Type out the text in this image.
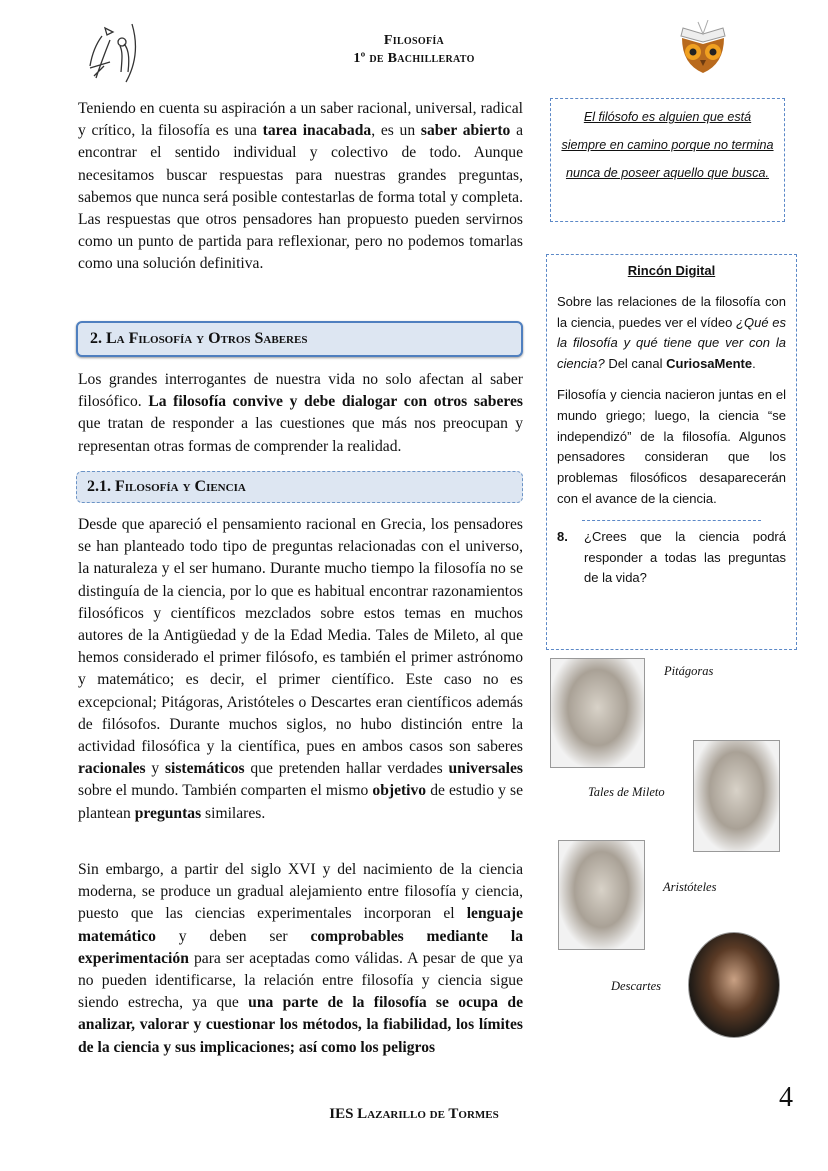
Filosofía
1º de Bachillerato

Teniendo en cuenta su aspiración a un saber racional, universal, radical y crítico, la filosofía es una tarea inacabada, es un saber abierto a encontrar el sentido individual y colectivo de todo. Aunque necesitamos buscar respuestas para nuestras grandes preguntas, sabemos que nunca será posible contestarlas de forma total y completa. Las respuestas que otros pensadores han propuesto pueden servirnos como un punto de partida para reflexionar, pero no podemos tomarlas como una solución definitiva.

2. La Filosofía y Otros Saberes

Los grandes interrogantes de nuestra vida no solo afectan al saber filosófico. La filosofía convive y debe dialogar con otros saberes que tratan de responder a las cuestiones que más nos preocupan y representan otras formas de comprender la realidad.

2.1. Filosofía y Ciencia

Desde que apareció el pensamiento racional en Grecia, los pensadores se han planteado todo tipo de preguntas relacionadas con el universo, la naturaleza y el ser humano. Durante mucho tiempo la filosofía no se distinguía de la ciencia, por lo que es habitual encontrar razonamientos filosóficos y científicos mezclados sobre estos temas en muchos autores de la Antigüedad y de la Edad Media. Tales de Mileto, al que hemos considerado el primer filósofo, es también el primer astrónomo y matemático; es decir, el primer científico. Este caso no es excepcional; Pitágoras, Aristóteles o Descartes eran científicos además de filósofos. Durante muchos siglos, no hubo distinción entre la actividad filosófica y la científica, pues en ambos casos son saberes racionales y sistemáticos que pretenden hallar verdades universales sobre el mundo. También comparten el mismo objetivo de estudio y se plantean preguntas similares.

Sin embargo, a partir del siglo XVI y del nacimiento de la ciencia moderna, se produce un gradual alejamiento entre filosofía y ciencia, puesto que las ciencias experimentales incorporan el lenguaje matemático y deben ser comprobables mediante la experimentación para ser aceptadas como válidas. A pesar de que ya no pueden identificarse, la relación entre filosofía y ciencia sigue siendo estrecha, ya que una parte de la filosofía se ocupa de analizar, valorar y cuestionar los métodos, la fiabilidad, los límites de la ciencia y sus implicaciones; así como los peligros

El filósofo es alguien que está siempre en camino porque no termina nunca de poseer aquello que busca.
Rincón Digital

Sobre las relaciones de la filosofía con la ciencia, puedes ver el vídeo ¿Qué es la filosofía y qué tiene que ver con la ciencia? Del canal CuriosaMente.

Filosofía y ciencia nacieron juntas en el mundo griego; luego, la ciencia “se independizó” de la filosofía. Algunos pensadores consideran que los problemas filosóficos desaparecerán con el avance de la ciencia.

8.	¿Crees que la ciencia podrá responder a todas las preguntas de la vida?
Pitágoras
Tales de Mileto
Aristóteles
Descartes
4
IES Lazarillo de Tormes
